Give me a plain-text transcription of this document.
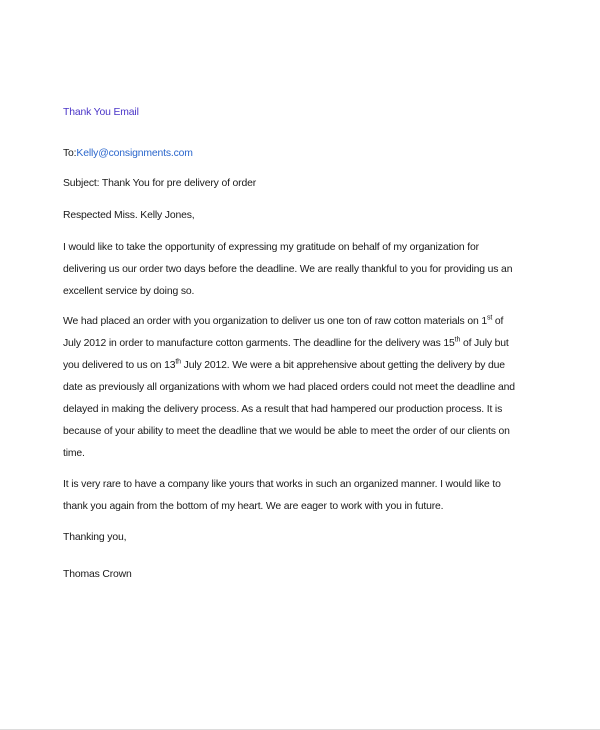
Thank You Email
To:Kelly@consignments.com
Subject: Thank You for pre delivery of order
Respected Miss. Kelly Jones,

I would like to take the opportunity of expressing my gratitude on behalf of my organization for delivering us our order two days before the deadline. We are really thankful to you for providing us an excellent service by doing so.

We had placed an order with you organization to deliver us one ton of raw cotton materials on 1st of July 2012 in order to manufacture cotton garments. The deadline for the delivery was 15th of July but you delivered to us on 13th July 2012. We were a bit apprehensive about getting the delivery by due date as previously all organizations with whom we had placed orders could not meet the deadline and delayed in making the delivery process. As a result that had hampered our production process. It is because of your ability to meet the deadline that we would be able to meet the order of our clients on time.

It is very rare to have a company like yours that works in such an organized manner. I would like to thank you again from the bottom of my heart. We are eager to work with you in future.

Thanking you,
Thomas Crown
